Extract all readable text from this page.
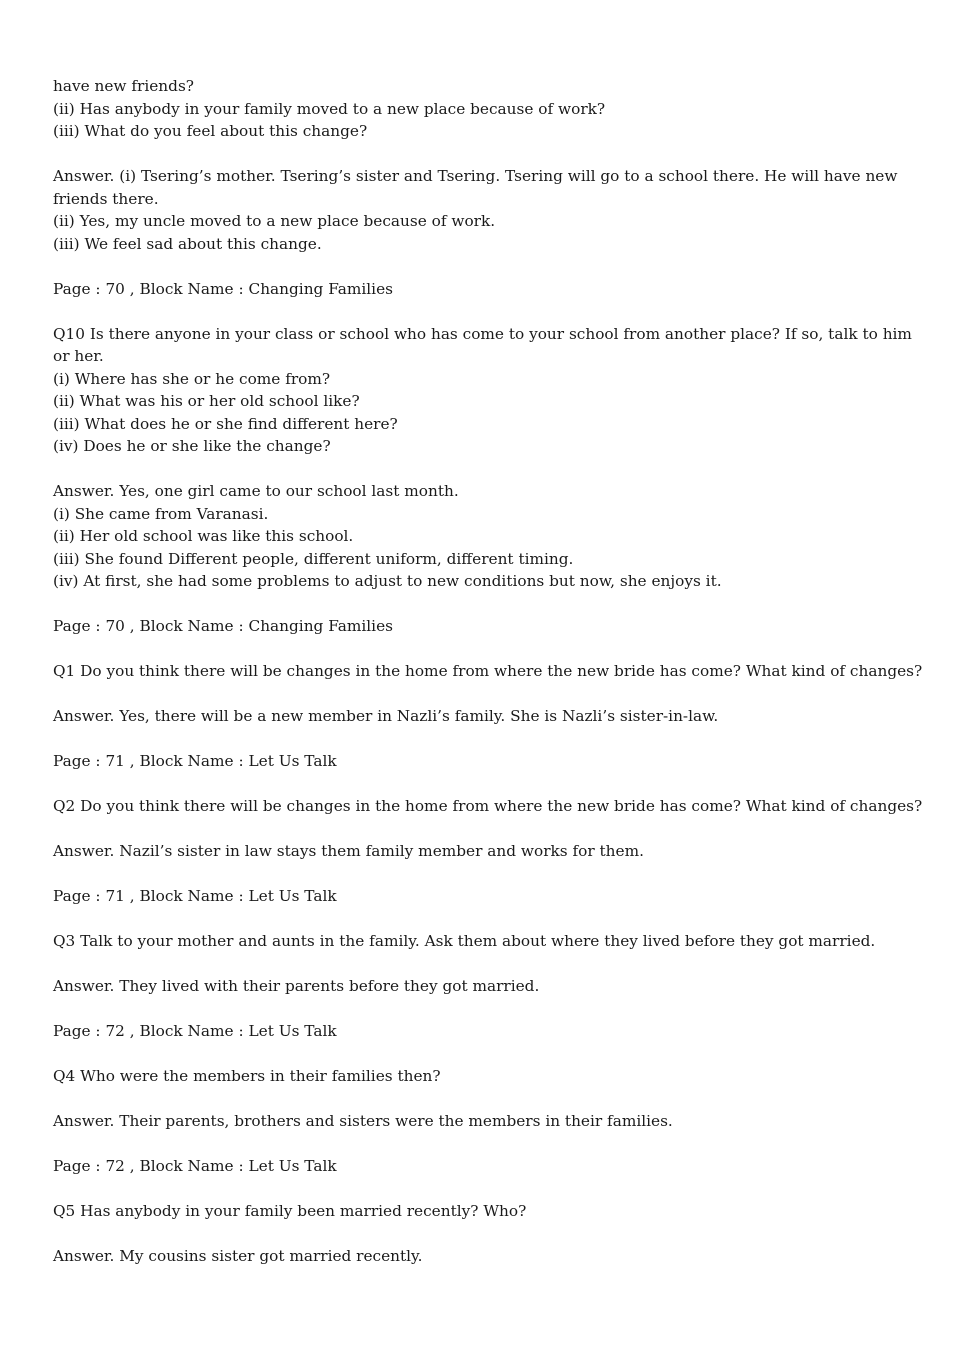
have new friends?
(ii) Has anybody in your family moved to a new place because of work?
(iii) What do you feel about this change?
Answer. (i) Tsering’s mother. Tsering’s sister and Tsering. Tsering will go to a school there. He will have new friends there.
(ii) Yes, my uncle moved to a new place because of work.
(iii) We feel sad about this change.
Page : 70 , Block Name : Changing Families
Q10 Is there anyone in your class or school who has come to your school from another place? If so, talk to him or her.
(i) Where has she or he come from?
(ii) What was his or her old school like?
(iii) What does he or she find different here?
(iv) Does he or she like the change?
Answer. Yes, one girl came to our school last month.
(i) She came from Varanasi.
(ii) Her old school was like this school.
(iii) She found Different people, different uniform, different timing.
(iv) At first, she had some problems to adjust to new conditions but now, she enjoys it.
Page : 70 , Block Name : Changing Families
Q1 Do you think there will be changes in the home from where the new bride has come? What kind of changes?
Answer. Yes, there will be a new member in Nazli’s family. She is Nazli’s sister-in-law.
Page : 71 , Block Name : Let Us Talk
Q2 Do you think there will be changes in the home from where the new bride has come? What kind of changes?
Answer. Nazil’s sister in law stays them family member and works for them.
Page : 71 , Block Name : Let Us Talk
Q3 Talk to your mother and aunts in the family. Ask them about where they lived before they got married.
Answer. They lived with their parents before they got married.
Page : 72 , Block Name : Let Us Talk
Q4 Who were the members in their families then?
Answer. Their parents, brothers and sisters were the members in their families.
Page : 72 , Block Name : Let Us Talk
Q5 Has anybody in your family been married recently? Who?
Answer. My cousins sister got married recently.
